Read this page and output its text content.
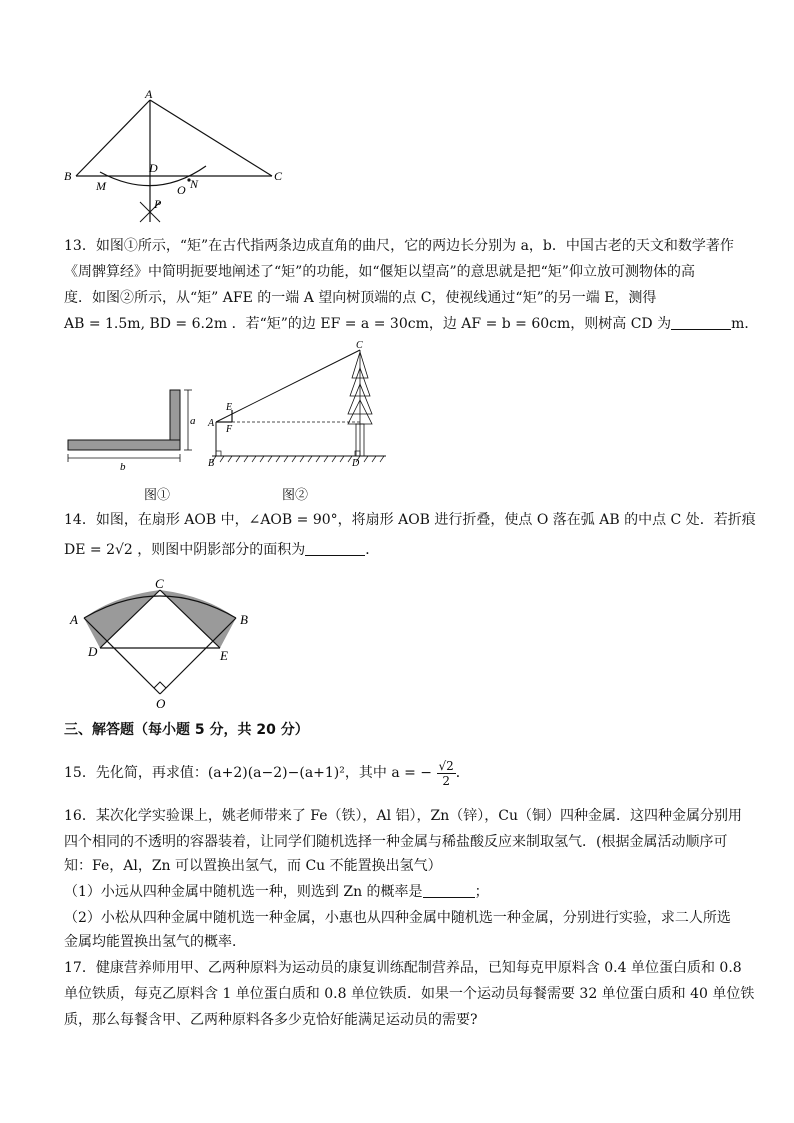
A
B	C
D
M	O N
P
13．如图①所示，“矩”在古代指两条边成直角的曲尺，它的两边长分别为 a，b．中国古老的天文和数学著作
《周髀算经》中简明扼要地阐述了“矩”的功能，如“偃矩以望高”的意思就是把“矩”仰立放可测物体的高
度．如图②所示，从“矩” AFE 的一端 A 望向树顶端的点 C，使视线通过“矩”的另一端 E，测得
AB = 1.5m, BD = 6.2m ．若“矩”的边 EF = a = 30cm，边 AF = b = 60cm，则树高 CD 为	m．
a
b
C
E
A
F
B	D
图①	图②
14．如图，在扇形 AOB 中，∠AOB = 90°，将扇形 AOB 进行折叠，使点 O 落在弧 AB 的中点 C 处．若折痕
DE = 2√2 ，则图中阴影部分的面积为	．
C
A	B
D	E
O
三、解答题（每小题 5 分，共 20 分）
15．先化简，再求值：(a+2)(a−2)−(a+1)²，其中 a = − $\frac{√2}{2}$ ．
16．某次化学实验课上，姚老师带来了 Fe（铁），Al 铝），Zn（锌），Cu（铜）四种金属．这四种金属分别用
四个相同的不透明的容器装着，让同学们随机选择一种金属与稀盐酸反应来制取氢气．(根据金属活动顺序可
知：Fe，Al，Zn 可以置换出氢气，而 Cu 不能置换出氢气）
（1）小远从四种金属中随机选一种，则选到 Zn 的概率是	；
（2）小松从四种金属中随机选一种金属，小惠也从四种金属中随机选一种金属，分别进行实验，求二人所选
金属均能置换出氢气的概率．
17．健康营养师用甲、乙两种原料为运动员的康复训练配制营养品，已知每克甲原料含 0.4 单位蛋白质和 0.8
单位铁质，每克乙原料含 1 单位蛋白质和 0.8 单位铁质．如果一个运动员每餐需要 32 单位蛋白质和 40 单位铁
质，那么每餐含甲、乙两种原料各多少克恰好能满足运动员的需要?
